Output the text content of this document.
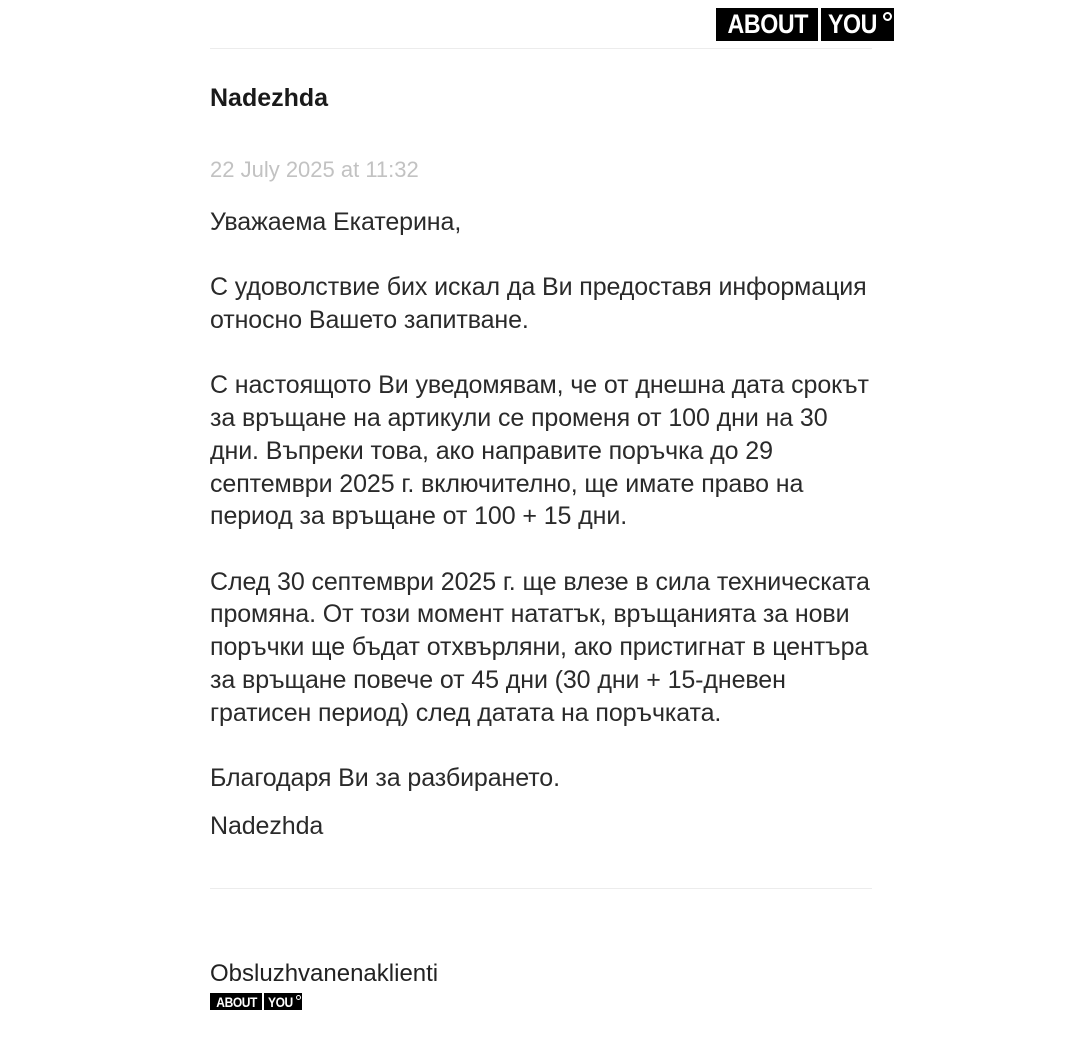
ABOUT YOU
Nadezhda

22 July 2025 at 11:32

Уважаема Екатерина,

С удоволствие бих искал да Ви предоставя информация относно Вашето запитване.

С настоящото Ви уведомявам, че от днешна дата срокът за връщане на артикули се променя от 100 дни на 30 дни. Въпреки това, ако направите поръчка до 29 септември 2025 г. включително, ще имате право на период за връщане от 100 + 15 дни.

След 30 септември 2025 г. ще влезе в сила техническата промяна. От този момент нататък, връщанията за нови поръчки ще бъдат отхвърляни, ако пристигнат в центъра за връщане повече от 45 дни (30 дни + 15-дневен гратисен период) след датата на поръчката.

Благодаря Ви за разбирането.

Nadezhda

Obsluzhvanenaklienti

ABOUT YOU
